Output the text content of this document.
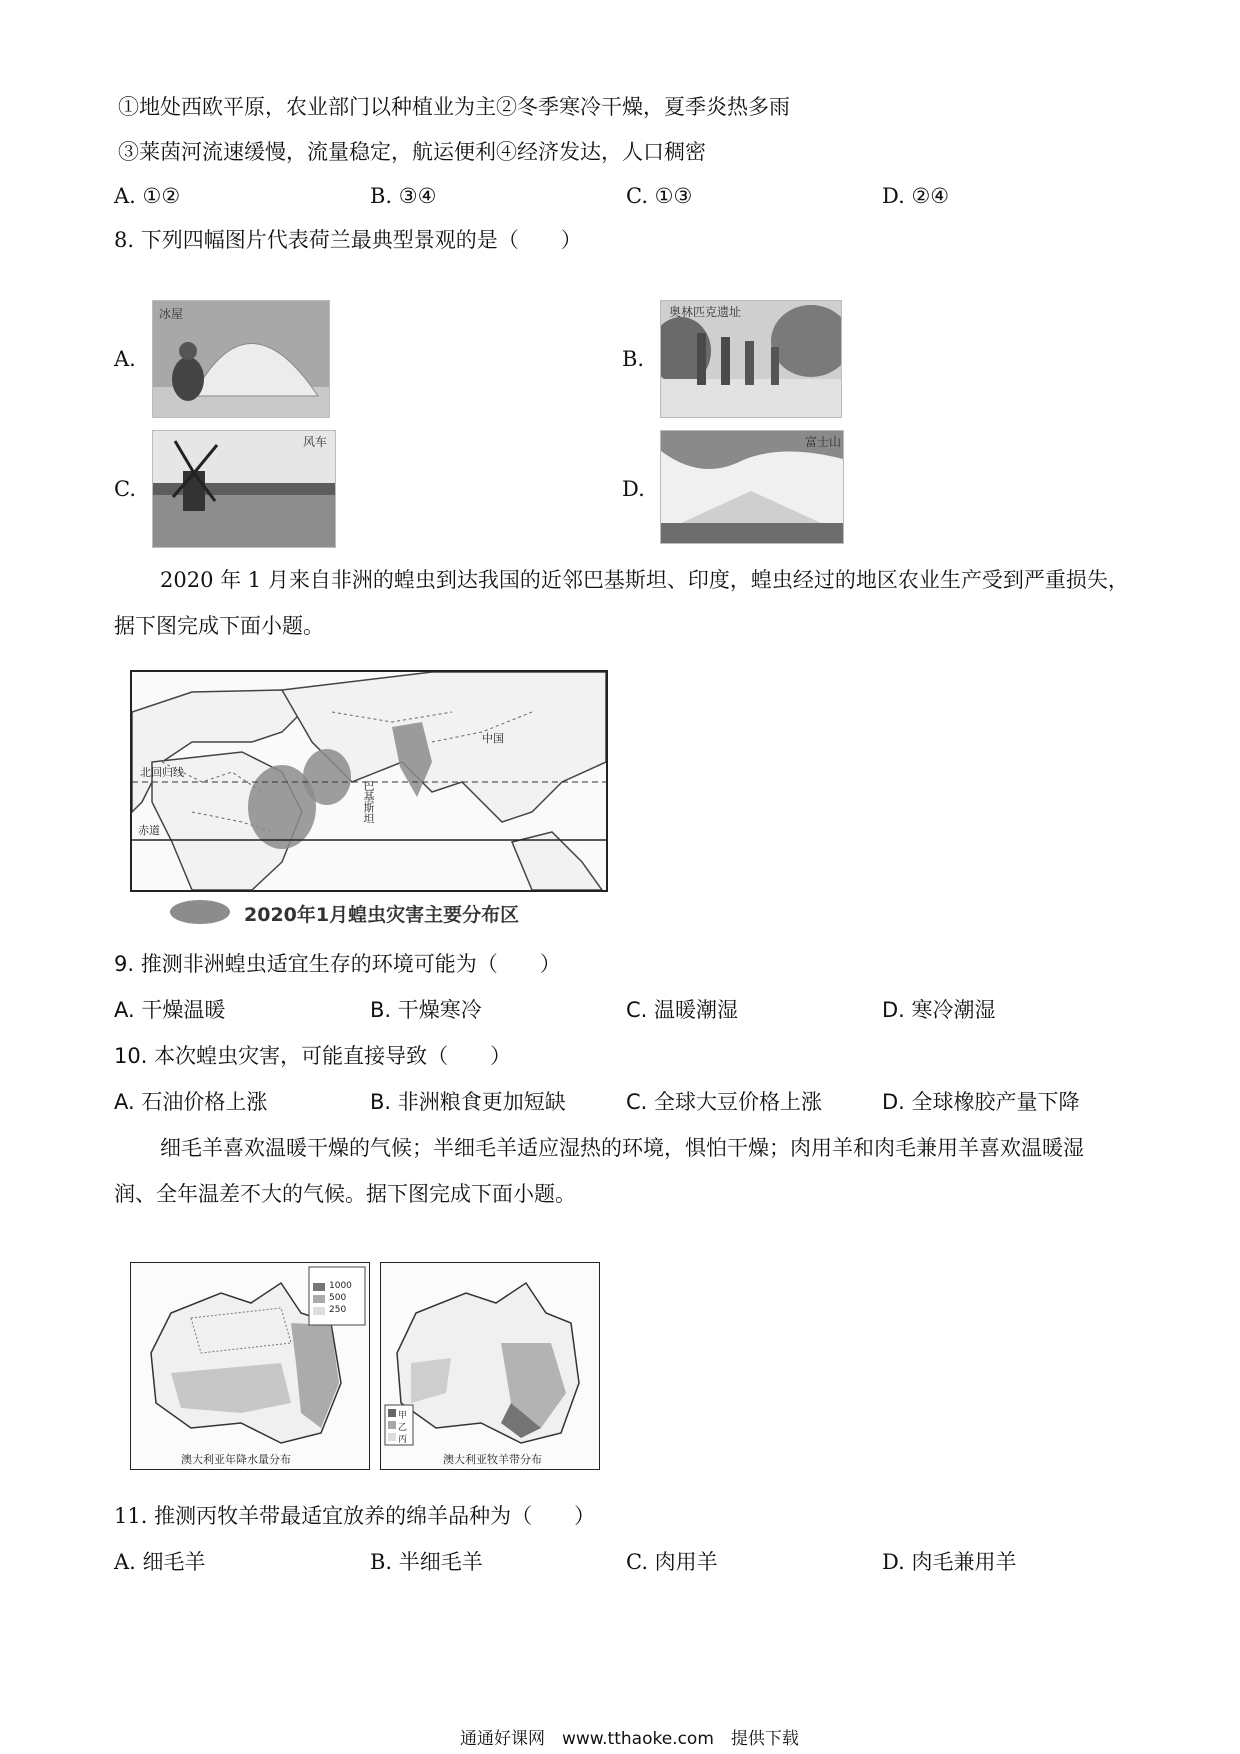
①地处西欧平原，农业部门以种植业为主②冬季寒冷干燥，夏季炎热多雨
③莱茵河流速缓慢，流量稳定，航运便利④经济发达，人口稠密
A. ①②	B. ③④	C. ①③	D. ②④
8. 下列四幅图片代表荷兰最典型景观的是（　　）
A.
冰屋
B.
奥林匹克遗址
C.
风车
D.
富士山
2020 年 1 月来自非洲的蝗虫到达我国的近邻巴基斯坦、印度，蝗虫经过的地区农业生产受到严重损失，
据下图完成下面小题。
中国
北回归线
赤道
巴基斯坦
2020年1月蝗虫灾害主要分布区
9. 推测非洲蝗虫适宜生存的环境可能为（　　）
A. 干燥温暖	B. 干燥寒冷	C. 温暖潮湿	D. 寒冷潮湿
10. 本次蝗虫灾害，可能直接导致（　　）
A. 石油价格上涨	B. 非洲粮食更加短缺	C. 全球大豆价格上涨	D. 全球橡胶产量下降
细毛羊喜欢温暖干燥的气候；半细毛羊适应湿热的环境，惧怕干燥；肉用羊和肉毛兼用羊喜欢温暖湿
润、全年温差不大的气候。据下图完成下面小题。
1000
500
250
澳大利亚年降水量分布
甲
乙
丙
澳大利亚牧羊带分布
11. 推测丙牧羊带最适宜放养的绵羊品种为（　　）
A. 细毛羊	B. 半细毛羊	C. 肉用羊	D. 肉毛兼用羊
通通好课网　www.tthaoke.com　提供下载
